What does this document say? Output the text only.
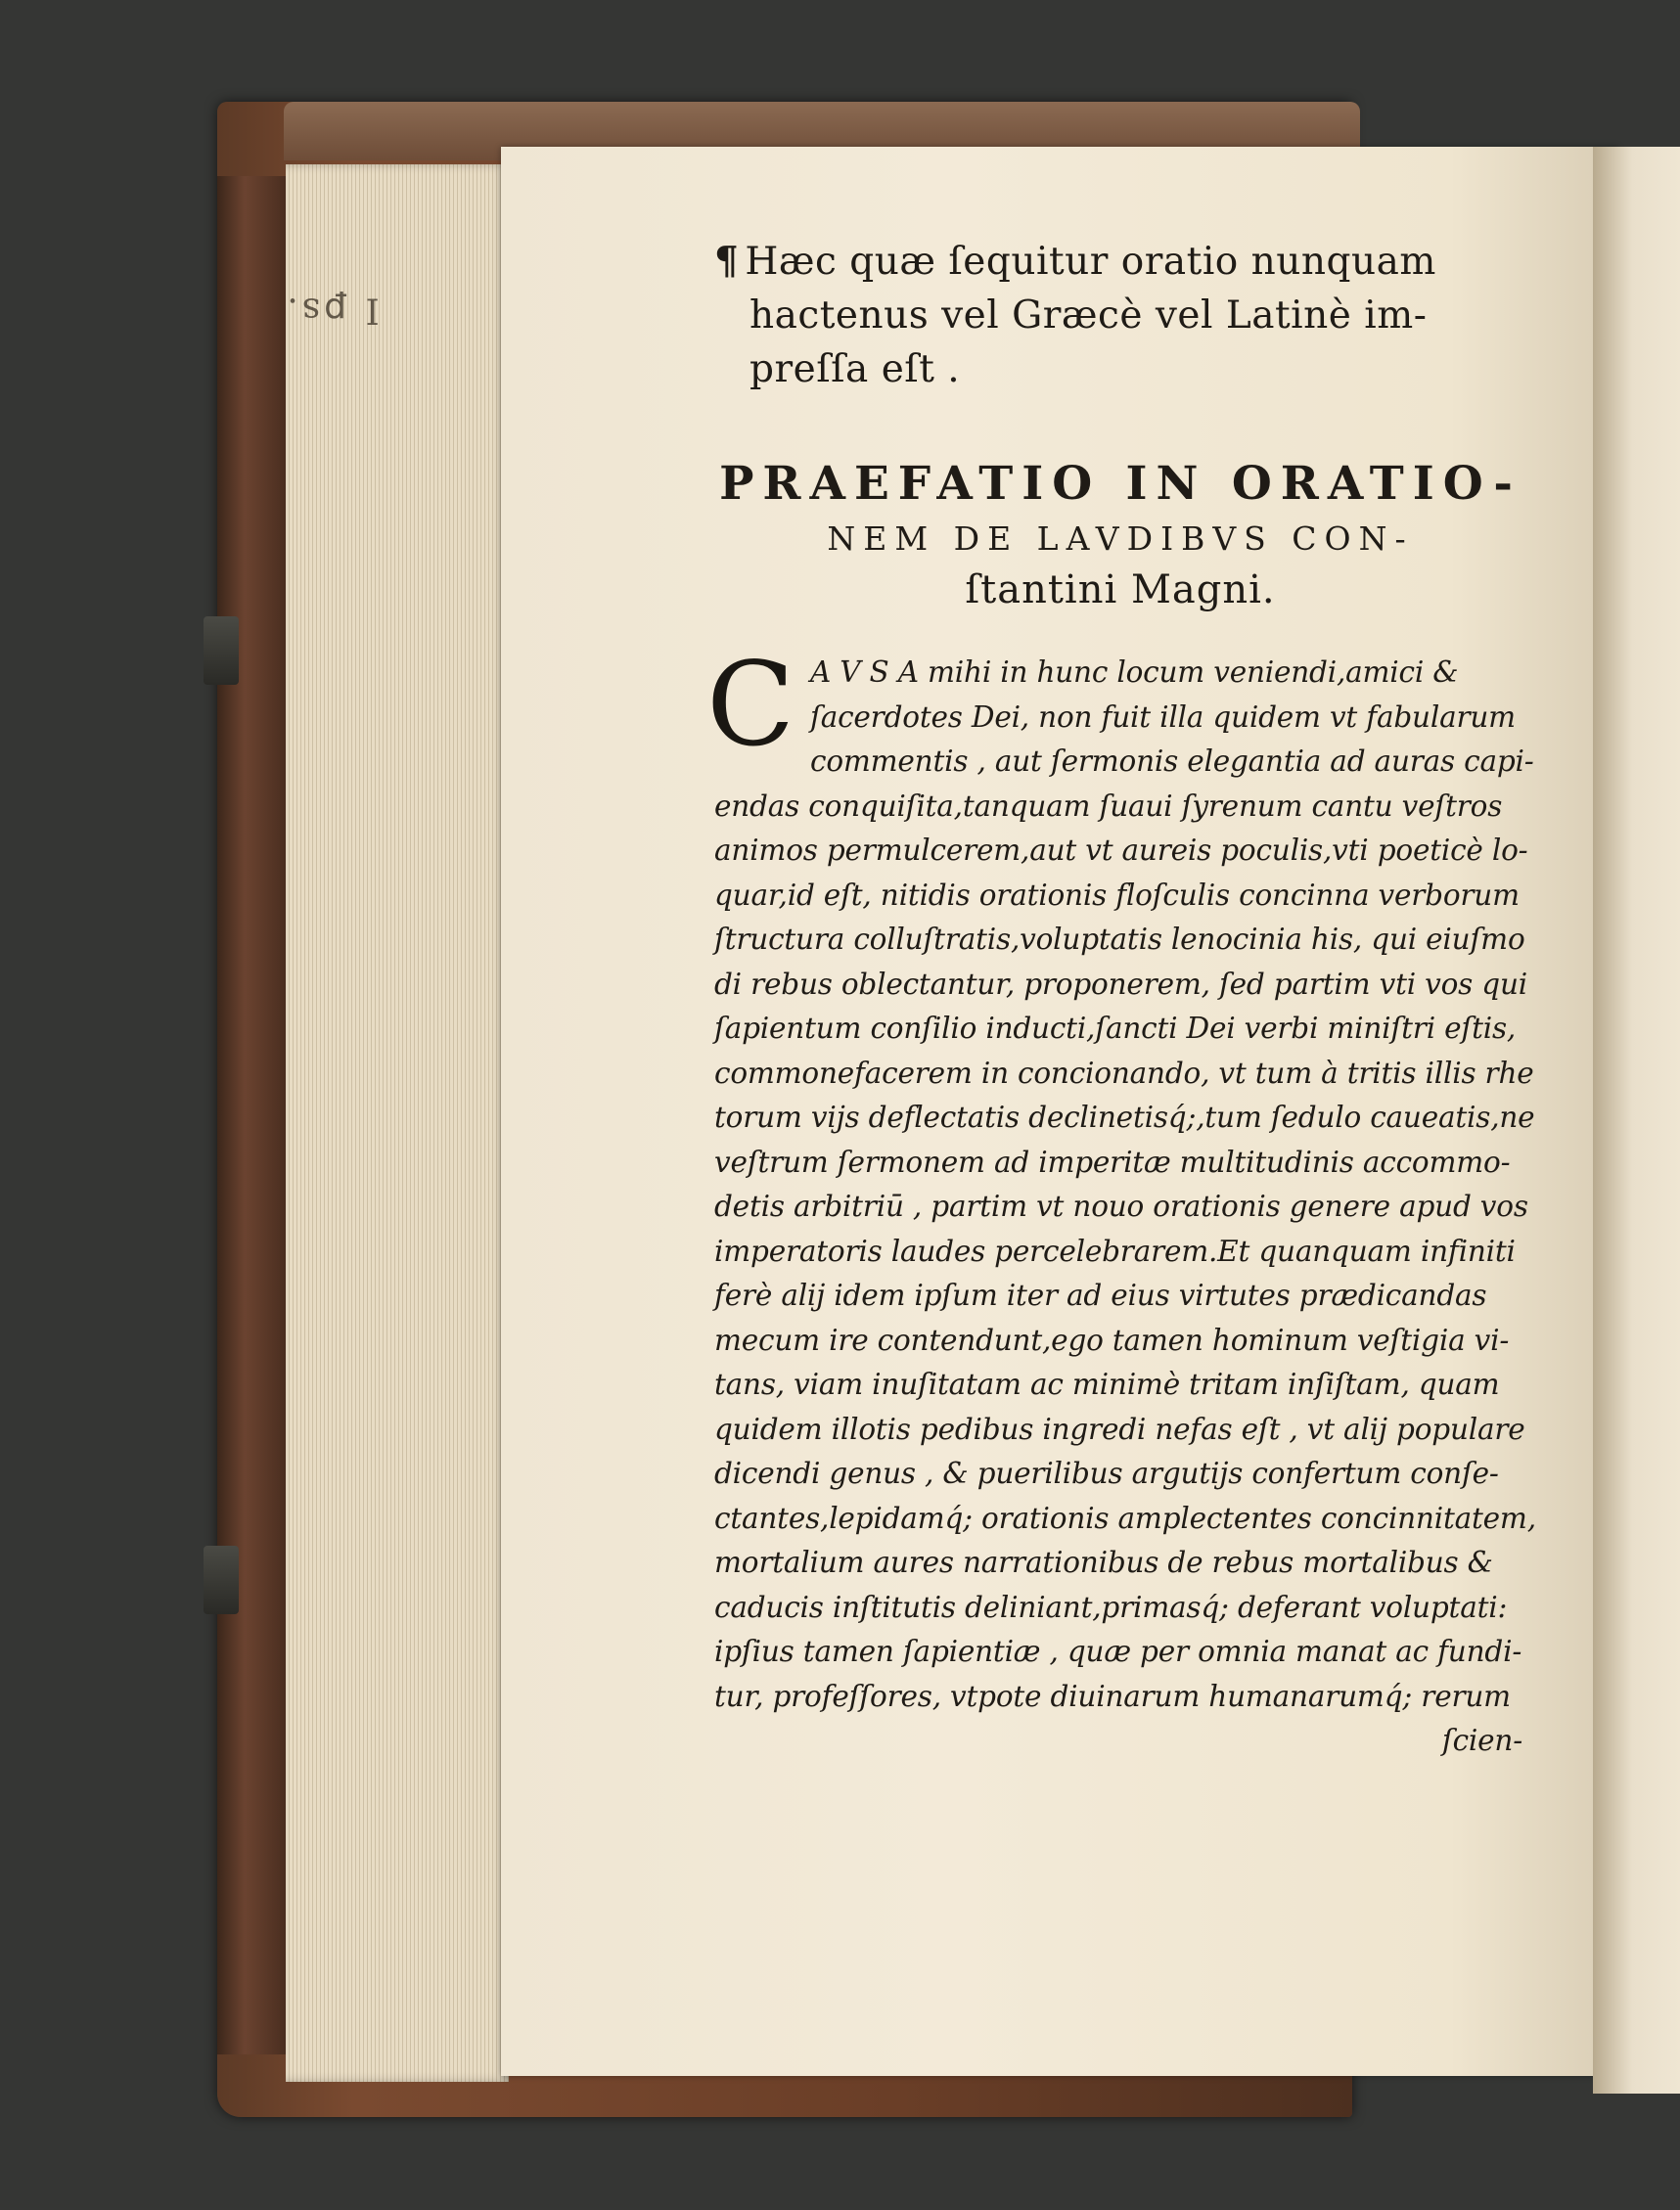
I ꝑs.

¶ Hæc quæ ſequitur oratio nunquam
hactenus vel Græcè vel Latinè im-
preſſa eſt .

PRAEFATIO IN ORATIO-
NEM DE LAVDIBVS CON-
ſtantini Magni.
C A V S A mihi in hunc locum veniendi,amici &
ſacerdotes Dei, non fuit illa quidem vt fabularum
commentis , aut ſermonis elegantia ad auras capi-
endas conquiſita,tanquam ſuaui ſyrenum cantu veſtros
animos permulcerem,aut vt aureis poculis,vti poeticè lo-
quar,id eſt, nitidis orationis floſculis concinna verborum
ſtructura colluſtratis,voluptatis lenocinia his, qui eiuſmo
di rebus oblectantur, proponerem, ſed partim vti vos qui
ſapientum conſilio inducti,ſancti Dei verbi miniſtri eſtis,
commonefacerem in concionando, vt tum à tritis illis rhe
torum vijs deflectatis declinetisq́;,tum ſedulo caueatis,ne
veſtrum ſermonem ad imperitæ multitudinis accommo-
detis arbitriū , partim vt nouo orationis genere apud vos
imperatoris laudes percelebrarem.Et quanquam infiniti
ferè alij idem ipſum iter ad eius virtutes prædicandas
mecum ire contendunt,ego tamen hominum veſtigia vi-
tans, viam inuſitatam ac minimè tritam inſiſtam, quam
quidem illotis pedibus ingredi nefas eſt , vt alij populare
dicendi genus , & puerilibus argutijs confertum conſe-
ctantes,lepidamq́; orationis amplectentes concinnitatem,
mortalium aures narrationibus de rebus mortalibus &
caducis inſtitutis deliniant,primasq́; deferant voluptati:
ipſius tamen ſapientiæ , quæ per omnia manat ac fundi-
tur, profeſſores, vtpote diuinarum humanarumq́; rerum
ſcien-
